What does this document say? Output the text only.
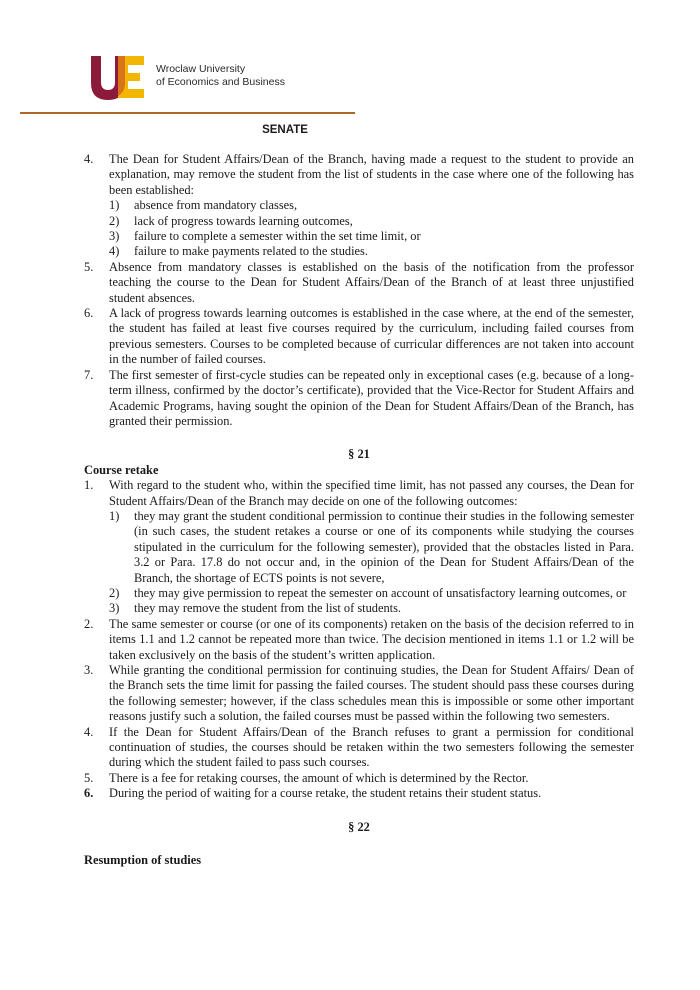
UE
Wroclaw University
of Economics and Business
SENATE
4. The Dean for Student Affairs/Dean of the Branch, having made a request to the student to provide an explanation, may remove the student from the list of students in the case where one of the following has been established:
1) absence from mandatory classes,
2) lack of progress towards learning outcomes,
3) failure to complete a semester within the set time limit, or
4) failure to make payments related to the studies.
5. Absence from mandatory classes is established on the basis of the notification from the professor teaching the course to the Dean for Student Affairs/Dean of the Branch of at least three unjustified student absences.
6. A lack of progress towards learning outcomes is established in the case where, at the end of the semester, the student has failed at least five courses required by the curriculum, including failed courses from previous semesters. Courses to be completed because of curricular differences are not taken into account in the number of failed courses.
7. The first semester of first-cycle studies can be repeated only in exceptional cases (e.g. because of a long-term illness, confirmed by the doctor’s certificate), provided that the Vice-Rector for Student Affairs and Academic Programs, having sought the opinion of the Dean for Student Affairs/Dean of the Branch, has granted their permission.
§ 21
Course retake
1. With regard to the student who, within the specified time limit, has not passed any courses, the Dean for Student Affairs/Dean of the Branch may decide on one of the following outcomes:
1) they may grant the student conditional permission to continue their studies in the following semester (in such cases, the student retakes a course or one of its components while studying the courses stipulated in the curriculum for the following semester), provided that the obstacles listed in Para. 3.2 or Para. 17.8 do not occur and, in the opinion of the Dean for Student Affairs/Dean of the Branch, the shortage of ECTS points is not severe,
2) they may give permission to repeat the semester on account of unsatisfactory learning outcomes, or
3) they may remove the student from the list of students.
2. The same semester or course (or one of its components) retaken on the basis of the decision referred to in items 1.1 and 1.2 cannot be repeated more than twice. The decision mentioned in items 1.1 or 1.2 will be taken exclusively on the basis of the student’s written application.
3. While granting the conditional permission for continuing studies, the Dean for Student Affairs/ Dean of the Branch sets the time limit for passing the failed courses. The student should pass these courses during the following semester; however, if the class schedules mean this is impossible or some other important reasons justify such a solution, the failed courses must be passed within the following two semesters.
4. If the Dean for Student Affairs/Dean of the Branch refuses to grant a permission for conditional continuation of studies, the courses should be retaken within the two semesters following the semester during which the student failed to pass such courses.
5. There is a fee for retaking courses, the amount of which is determined by the Rector.
6. During the period of waiting for a course retake, the student retains their student status.
§ 22
Resumption of studies
